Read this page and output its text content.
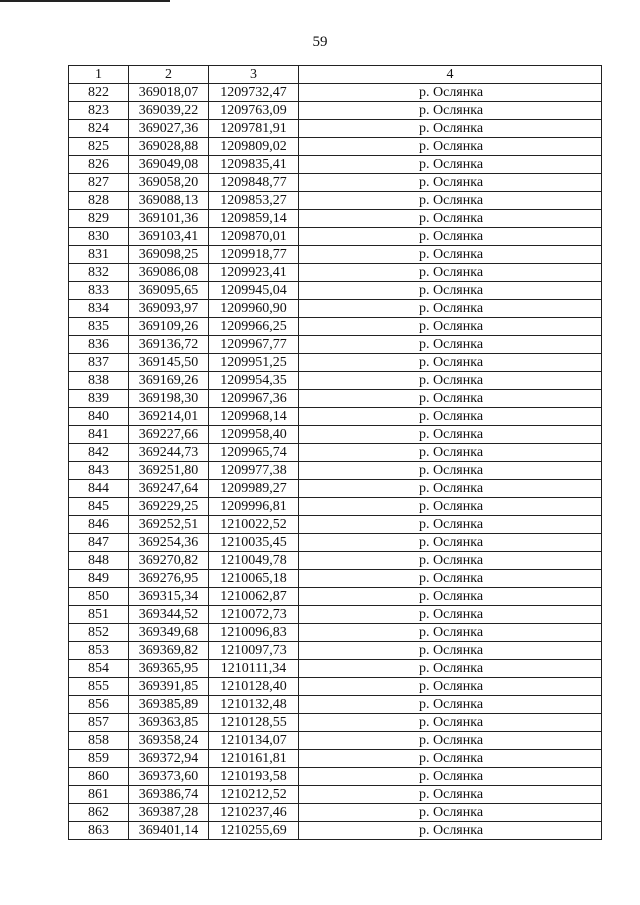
59
1	2	3	4
822	369018,07	1209732,47	р. Ослянка
823	369039,22	1209763,09	р. Ослянка
824	369027,36	1209781,91	р. Ослянка
825	369028,88	1209809,02	р. Ослянка
826	369049,08	1209835,41	р. Ослянка
827	369058,20	1209848,77	р. Ослянка
828	369088,13	1209853,27	р. Ослянка
829	369101,36	1209859,14	р. Ослянка
830	369103,41	1209870,01	р. Ослянка
831	369098,25	1209918,77	р. Ослянка
832	369086,08	1209923,41	р. Ослянка
833	369095,65	1209945,04	р. Ослянка
834	369093,97	1209960,90	р. Ослянка
835	369109,26	1209966,25	р. Ослянка
836	369136,72	1209967,77	р. Ослянка
837	369145,50	1209951,25	р. Ослянка
838	369169,26	1209954,35	р. Ослянка
839	369198,30	1209967,36	р. Ослянка
840	369214,01	1209968,14	р. Ослянка
841	369227,66	1209958,40	р. Ослянка
842	369244,73	1209965,74	р. Ослянка
843	369251,80	1209977,38	р. Ослянка
844	369247,64	1209989,27	р. Ослянка
845	369229,25	1209996,81	р. Ослянка
846	369252,51	1210022,52	р. Ослянка
847	369254,36	1210035,45	р. Ослянка
848	369270,82	1210049,78	р. Ослянка
849	369276,95	1210065,18	р. Ослянка
850	369315,34	1210062,87	р. Ослянка
851	369344,52	1210072,73	р. Ослянка
852	369349,68	1210096,83	р. Ослянка
853	369369,82	1210097,73	р. Ослянка
854	369365,95	1210111,34	р. Ослянка
855	369391,85	1210128,40	р. Ослянка
856	369385,89	1210132,48	р. Ослянка
857	369363,85	1210128,55	р. Ослянка
858	369358,24	1210134,07	р. Ослянка
859	369372,94	1210161,81	р. Ослянка
860	369373,60	1210193,58	р. Ослянка
861	369386,74	1210212,52	р. Ослянка
862	369387,28	1210237,46	р. Ослянка
863	369401,14	1210255,69	р. Ослянка
